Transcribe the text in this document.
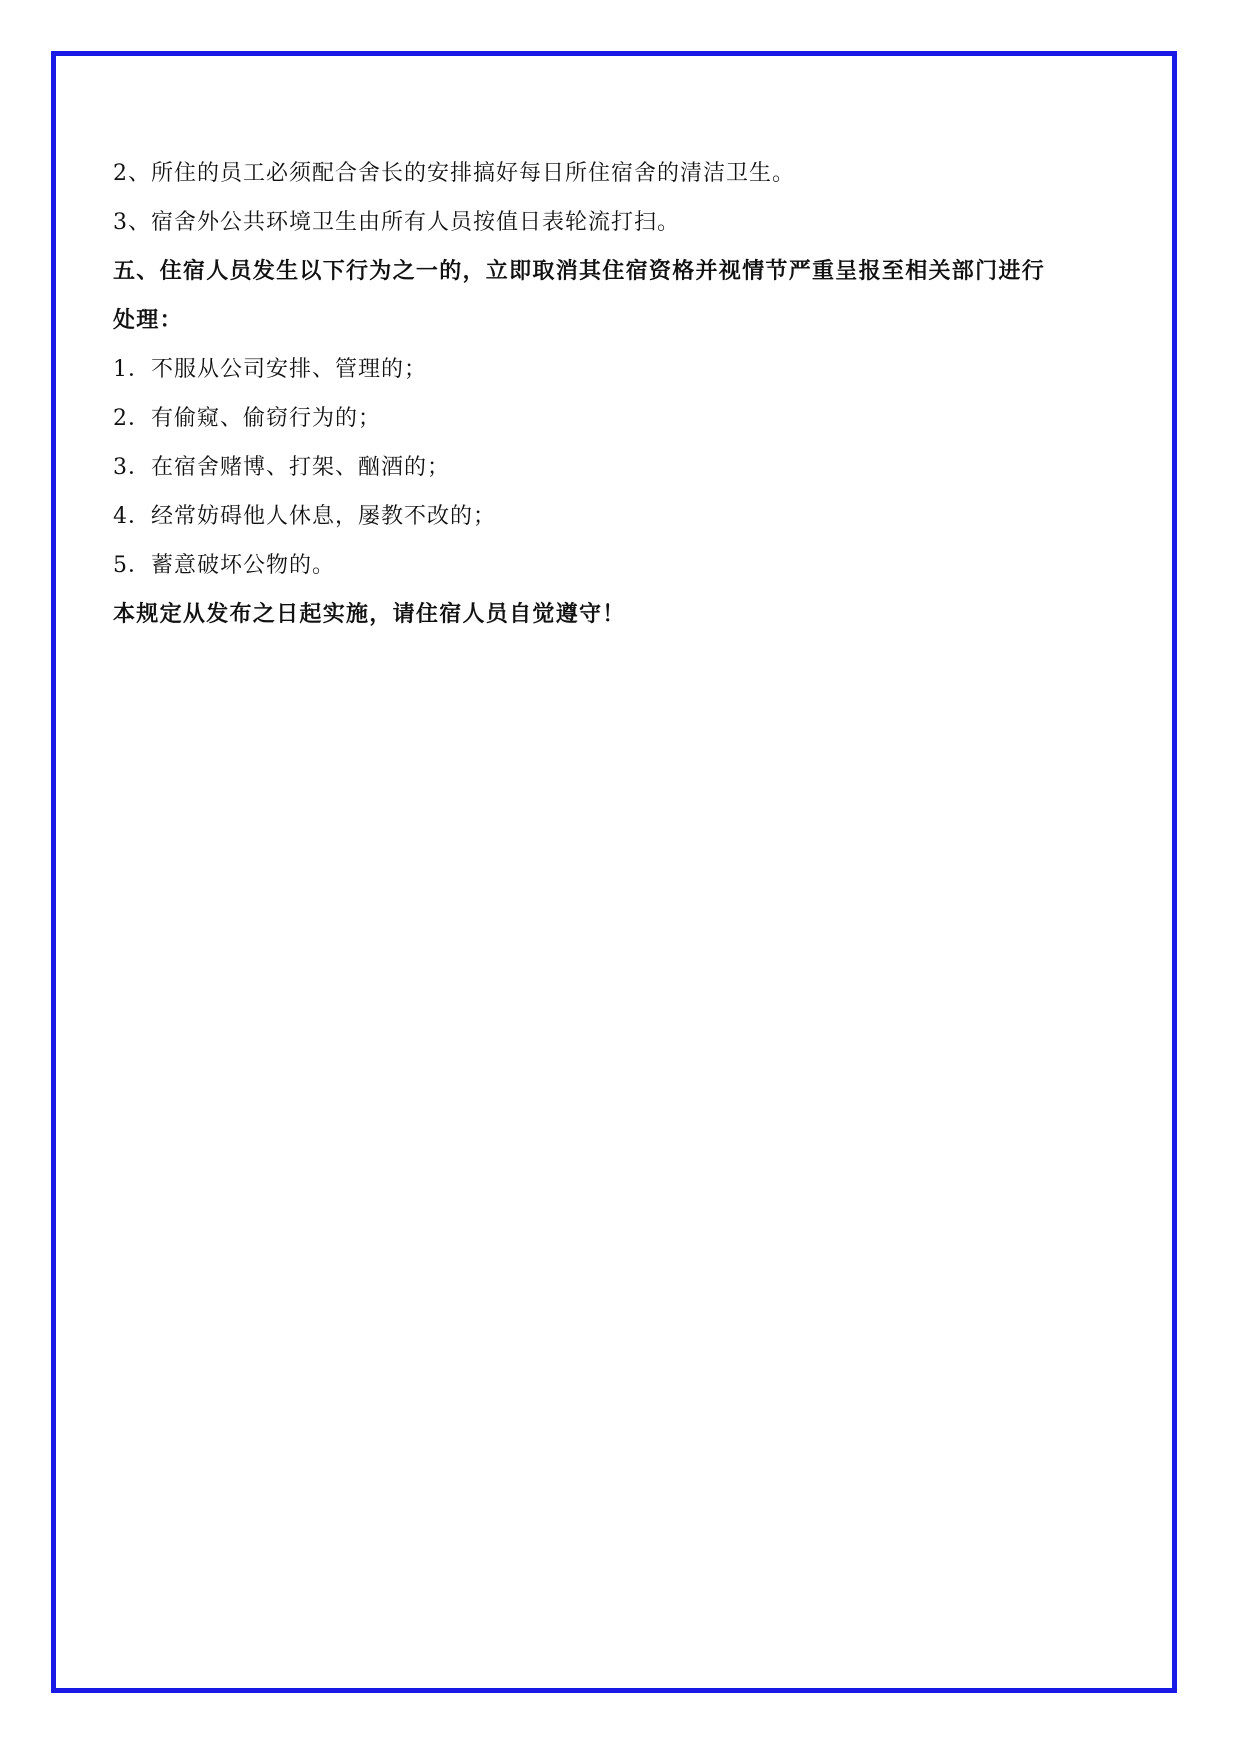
2、所住的员工必须配合舍长的安排搞好每日所住宿舍的清洁卫生。
3、宿舍外公共环境卫生由所有人员按值日表轮流打扫。
五、住宿人员发生以下行为之一的，立即取消其住宿资格并视情节严重呈报至相关部门进行
处理：
1．不服从公司安排、管理的；
2．有偷窥、偷窃行为的；
3．在宿舍赌博、打架、酗酒的；
4．经常妨碍他人休息，屡教不改的；
5．蓄意破坏公物的。
本规定从发布之日起实施，请住宿人员自觉遵守！
